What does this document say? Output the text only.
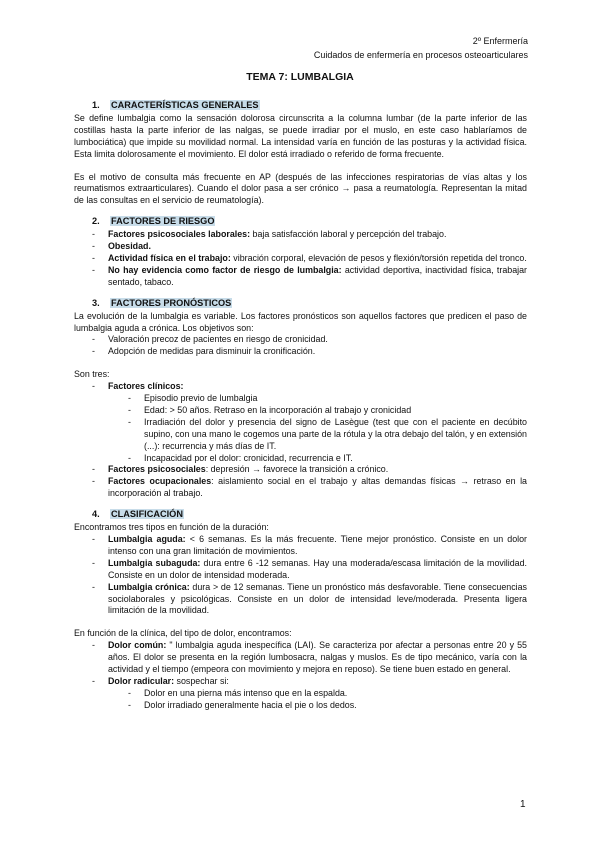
2º Enfermería
Cuidados de enfermería en procesos osteoarticulares
TEMA 7: LUMBALGIA
1. CARACTERÍSTICAS GENERALES

Se define lumbalgia como la sensación dolorosa circunscrita a la columna lumbar (de la parte inferior de las costillas hasta la parte inferior de las nalgas, se puede irradiar por el muslo, en este caso hablaríamos de lumbociática) que impide su movilidad normal. La intensidad varía en función de las posturas y la actividad física. Esta limita dolorosamente el movimiento. El dolor está irradiado o referido de forma frecuente.

Es el motivo de consulta más frecuente en AP (después de las infecciones respiratorias de vías altas y los reumatismos extraarticulares). Cuando el dolor pasa a ser crónico → pasa a reumatología. Representan la mitad de las consultas en el servicio de reumatología).

2. FACTORES DE RIESGO
- Factores psicosociales laborales: baja satisfacción laboral y percepción del trabajo.
- Obesidad.
- Actividad física en el trabajo: vibración corporal, elevación de pesos y flexión/torsión repetida del tronco.
- No hay evidencia como factor de riesgo de lumbalgia: actividad deportiva, inactividad física, trabajar sentado, tabaco.
3. FACTORES PRONÓSTICOS

La evolución de la lumbalgia es variable. Los factores pronósticos son aquellos factores que predicen el paso de lumbalgia aguda a crónica. Los objetivos son:

- Valoración precoz de pacientes en riesgo de cronicidad.
- Adopción de medidas para disminuir la cronificación.

Son tres:

- Factores clínicos:
- Episodio previo de lumbalgia
- Edad: > 50 años. Retraso en la incorporación al trabajo y cronicidad
- Irradiación del dolor y presencia del signo de Lasègue (test que con el paciente en decúbito supino, con una mano le cogemos una parte de la rótula y la otra debajo del talón, y en extensión (...): recurrencia y más días de IT.
- Incapacidad por el dolor: cronicidad, recurrencia e IT.
- Factores psicosociales: depresión → favorece la transición a crónico.
- Factores ocupacionales: aislamiento social en el trabajo y altas demandas físicas → retraso en la incorporación al trabajo.
4. CLASIFICACIÓN

Encontramos tres tipos en función de la duración:

- Lumbalgia aguda: < 6 semanas. Es la más frecuente. Tiene mejor pronóstico. Consiste en un dolor intenso con una gran limitación de movimientos.
- Lumbalgia subaguda: dura entre 6 -12 semanas. Hay una moderada/escasa limitación de la movilidad. Consiste en un dolor de intensidad moderada.
- Lumbalgia crónica: dura > de 12 semanas. Tiene un pronóstico más desfavorable. Tiene consecuencias sociolaborales y psicológicas. Consiste en un dolor de intensidad leve/moderada. Presenta ligera limitación de la movilidad.

En función de la clínica, del tipo de dolor, encontramos:

- Dolor común: " lumbalgia aguda inespecífica (LAI). Se caracteriza por afectar a personas entre 20 y 55 años. El dolor se presenta en la región lumbosacra, nalgas y muslos. Es de tipo mecánico, varía con la actividad y el tiempo (empeora con movimiento y mejora en reposo). Se tiene buen estado en general.
- Dolor radicular: sospechar si:
- Dolor en una pierna más intenso que en la espalda.
- Dolor irradiado generalmente hacia el pie o los dedos.
1
